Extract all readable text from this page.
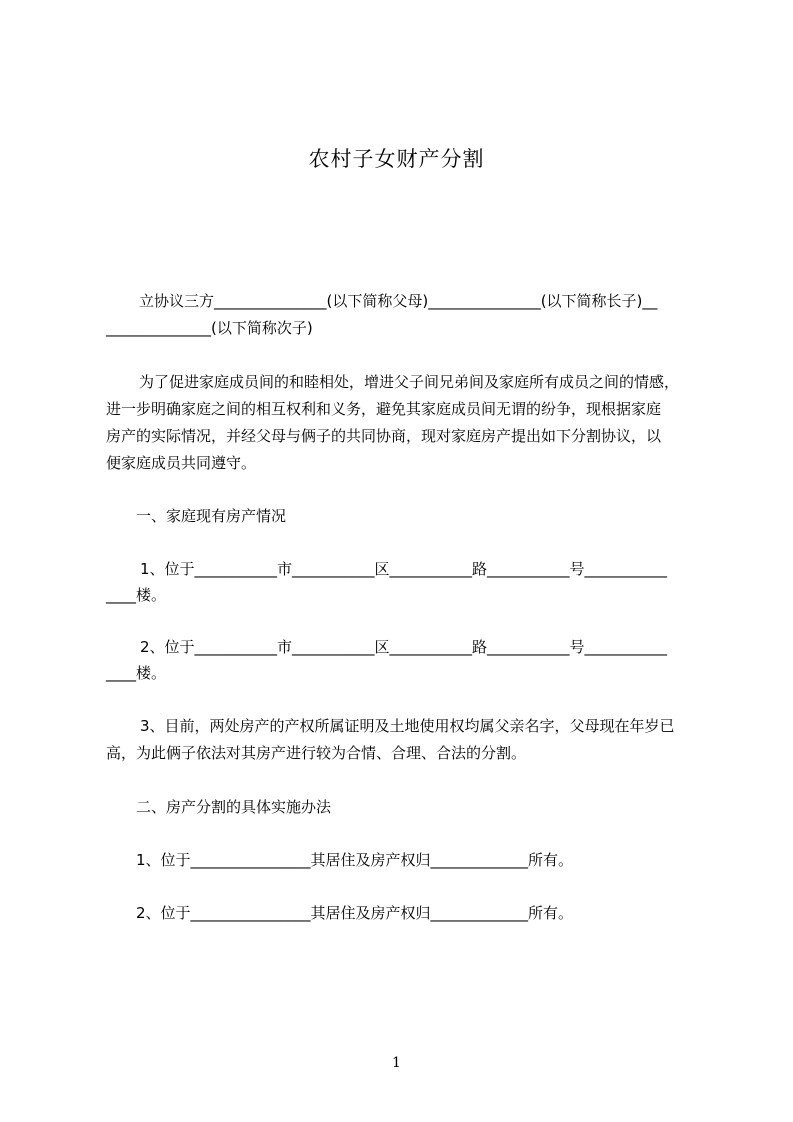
农村子女财产分割
立协议三方_______________(以下简称父母)_______________(以下简称长子)__
______________(以下简称次子)
为了促进家庭成员间的和睦相处，增进父子间兄弟间及家庭所有成员之间的情感，
进一步明确家庭之间的相互权利和义务，避免其家庭成员间无谓的纷争，现根据家庭
房产的实际情况，并经父母与俩子的共同协商，现对家庭房产提出如下分割协议，以
便家庭成员共同遵守。
一、家庭现有房产情况
1、位于___________市___________区___________路___________号___________
____楼。
2、位于___________市___________区___________路___________号___________
____楼。
3、目前，两处房产的产权所属证明及土地使用权均属父亲名字，父母现在年岁已
高，为此俩子依法对其房产进行较为合情、合理、合法的分割。
二、房产分割的具体实施办法
1、位于________________其居住及房产权归_____________所有。
2、位于________________其居住及房产权归_____________所有。
1
